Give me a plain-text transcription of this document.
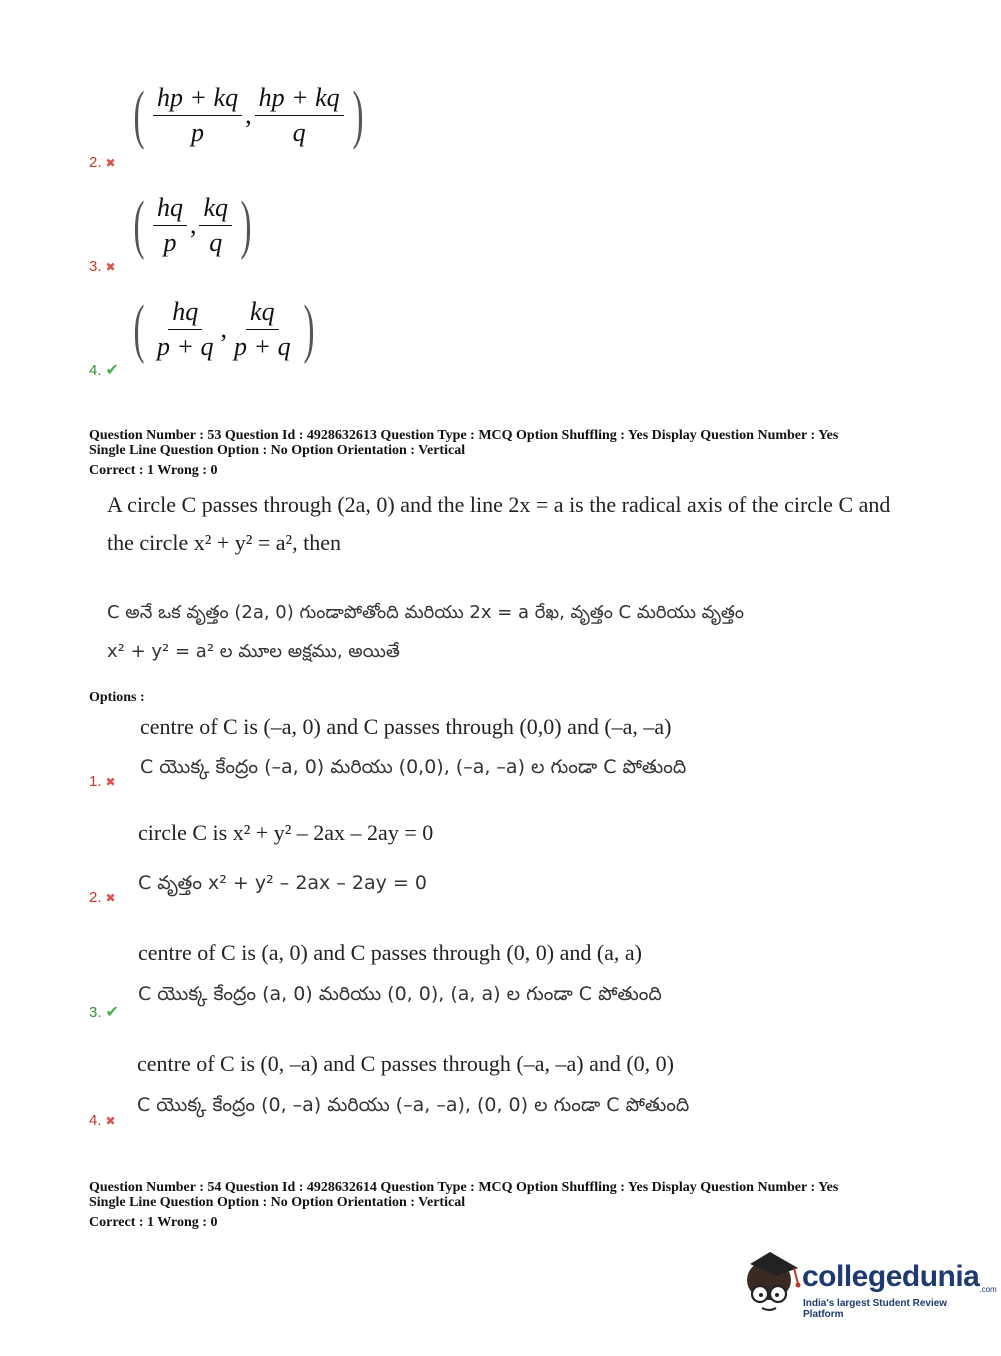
2. ✖
( $\frac{hp + kq}{p}$ , $\frac{hp + kq}{q}$ )
3. ✖
( $\frac{hq}{p}$ , $\frac{kq}{q}$ )
4. ✔
( $\frac{hq}{p + q}$ , $\frac{kq}{p + q}$ )
Question Number : 53 Question Id : 4928632613 Question Type : MCQ Option Shuffling : Yes Display Question Number : Yes
Single Line Question Option : No Option Orientation : Vertical
Correct : 1 Wrong : 0
A circle C passes through (2a, 0) and the line 2x = a is the radical axis of the circle C and
the circle x² + y² = a², then
C అనే ఒక వృత్తం (2a, 0) గుండాపోతోంది మరియు 2x = a రేఖ, వృత్తం C మరియు వృత్తం
x² + y² = a² ల మూల అక్షము, అయితే
Options :
centre of C is (–a, 0) and C passes through (0,0) and (–a, –a)
C యొక్క కేంద్రం (–a, 0) మరియు (0,0), (–a, –a) ల గుండా C పోతుంది
1. ✖
circle C is x² + y² – 2ax – 2ay = 0
C వృత్తం x² + y² – 2ax – 2ay = 0
2. ✖
centre of C is (a, 0) and C passes through (0, 0) and (a, a)
C యొక్క కేంద్రం (a, 0) మరియు (0, 0), (a, a) ల గుండా C పోతుంది
3. ✔
centre of C is (0, –a) and C passes through (–a, –a) and (0, 0)
C యొక్క కేంద్రం (0, –a) మరియు (–a, –a), (0, 0) ల గుండా C పోతుంది
4. ✖
Question Number : 54 Question Id : 4928632614 Question Type : MCQ Option Shuffling : Yes Display Question Number : Yes
Single Line Question Option : No Option Orientation : Vertical
Correct : 1 Wrong : 0
collegedunia.com
India's largest Student Review Platform
